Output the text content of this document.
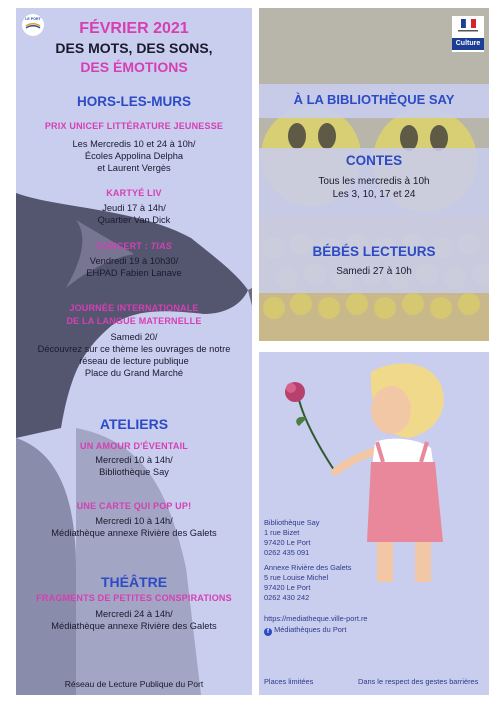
LE PORT
FÉVRIER 2021
DES MOTS, DES SONS,
DES ÉMOTIONS
HORS-LES-MURS
PRIX UNICEF LITTÉRATURE JEUNESSE
Les Mercredis 10 et 24 à 10h/
Écoles Appolina Delpha
et Laurent Vergès
KARTYÉ LIV
Jeudi 17 à 14h/
Quartier Van Dick
CONCERT : TIAS
Vendredi 19 à 10h30/
EHPAD Fabien Lanave
JOURNÉE INTERNATIONALE
DE LA LANGUE MATERNELLE
Samedi 20/
Découvrez sur ce thème les ouvrages de notre
réseau de lecture publique
Place du Grand Marché
ATELIERS
UN AMOUR D'ÉVENTAIL
Mercredi 10 à 14h/
Bibliothèque Say
UNE CARTE QUI POP UP!
Mercredi 10 à 14h/
Médiathèque annexe Rivière des Galets
THÉÂTRE
FRAGMENTS DE PETITES CONSPIRATIONS
Mercredi 24 à 14h/
Médiathèque annexe Rivière des Galets
Réseau de Lecture Publique du Port
Culture
À LA BIBLIOTHÈQUE SAY
CONTES
Tous les mercredis à 10h
Les 3, 10, 17 et 24
BÉBÉS LECTEURS
Samedi 27 à 10h
Bibliothèque Say
1 rue Bizet
97420 Le Port
0262 435 091
Annexe Rivière des Galets
5 rue Louise Michel
97420 Le Port
0262 430 242
https://mediatheque.ville-port.re
f Médiathèques du Port
Places limitées	Dans le respect des gestes barrières
